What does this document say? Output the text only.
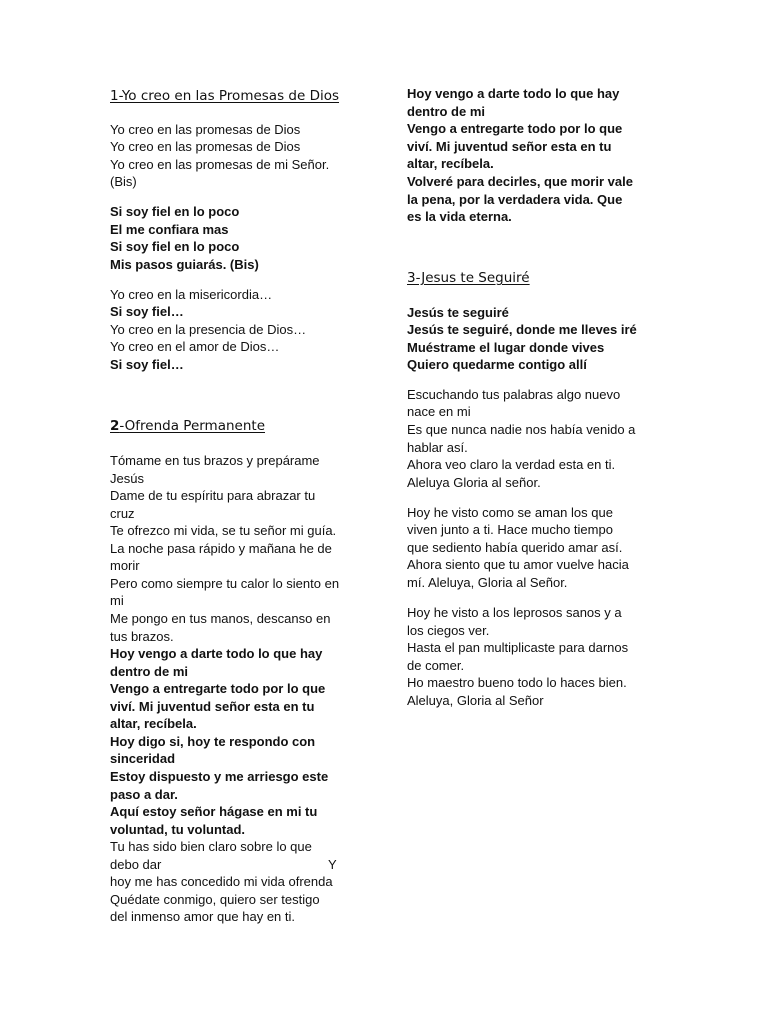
1-Yo creo en las Promesas de Dios
Yo creo en las promesas de Dios
Yo creo en las promesas de Dios
Yo creo en las promesas de mi Señor.
(Bis)
Si soy fiel en lo poco
El me confiara mas
Si soy fiel en lo poco
Mis pasos guiarás. (Bis)
Yo creo en la misericordia…
Si soy fiel…
Yo creo en la presencia de Dios…
Yo creo en el amor de Dios…
Si soy fiel…
2-Ofrenda Permanente
Tómame en tus brazos y prepárame
Jesús
Dame de tu espíritu para abrazar tu
cruz
Te ofrezco mi vida, se tu señor mi guía.
La noche pasa rápido y mañana he de
morir
Pero como siempre tu calor lo siento en
mi
Me pongo en tus manos, descanso en
tus brazos.
Hoy vengo a darte todo lo que hay
dentro de mi
Vengo a entregarte todo por lo que
viví. Mi juventud señor esta en tu
altar, recíbela.
Hoy digo si, hoy te respondo con
sinceridad
Estoy dispuesto y me arriesgo este
paso a dar.
Aquí estoy señor hágase en mi tu
voluntad, tu voluntad.
Tu has sido bien claro sobre lo que
debo dar	Y
hoy me has concedido mi vida ofrenda
Quédate conmigo, quiero ser testigo
del inmenso amor que hay en ti.
Hoy vengo a darte todo lo que hay
dentro de mi
Vengo a entregarte todo por lo que
viví. Mi juventud señor esta en tu
altar, recíbela.
Volveré para decirles, que morir vale
la pena, por la verdadera vida. Que
es la vida eterna.
3-Jesus te Seguiré
Jesús te seguiré
Jesús te seguiré, donde me lleves iré
Muéstrame el lugar donde vives
Quiero quedarme contigo allí
Escuchando tus palabras algo nuevo
nace en mi
Es que nunca nadie nos había venido a
hablar así.
Ahora veo claro la verdad esta en ti.
Aleluya Gloria al señor.
Hoy he visto como se aman los que
viven junto a ti. Hace mucho tiempo
que sediento había querido amar así.
Ahora siento que tu amor vuelve hacia
mí. Aleluya, Gloria al Señor.
Hoy he visto a los leprosos sanos y a
los ciegos ver.
Hasta el pan multiplicaste para darnos
de comer.
Ho maestro bueno todo lo haces bien.
Aleluya, Gloria al Señor
